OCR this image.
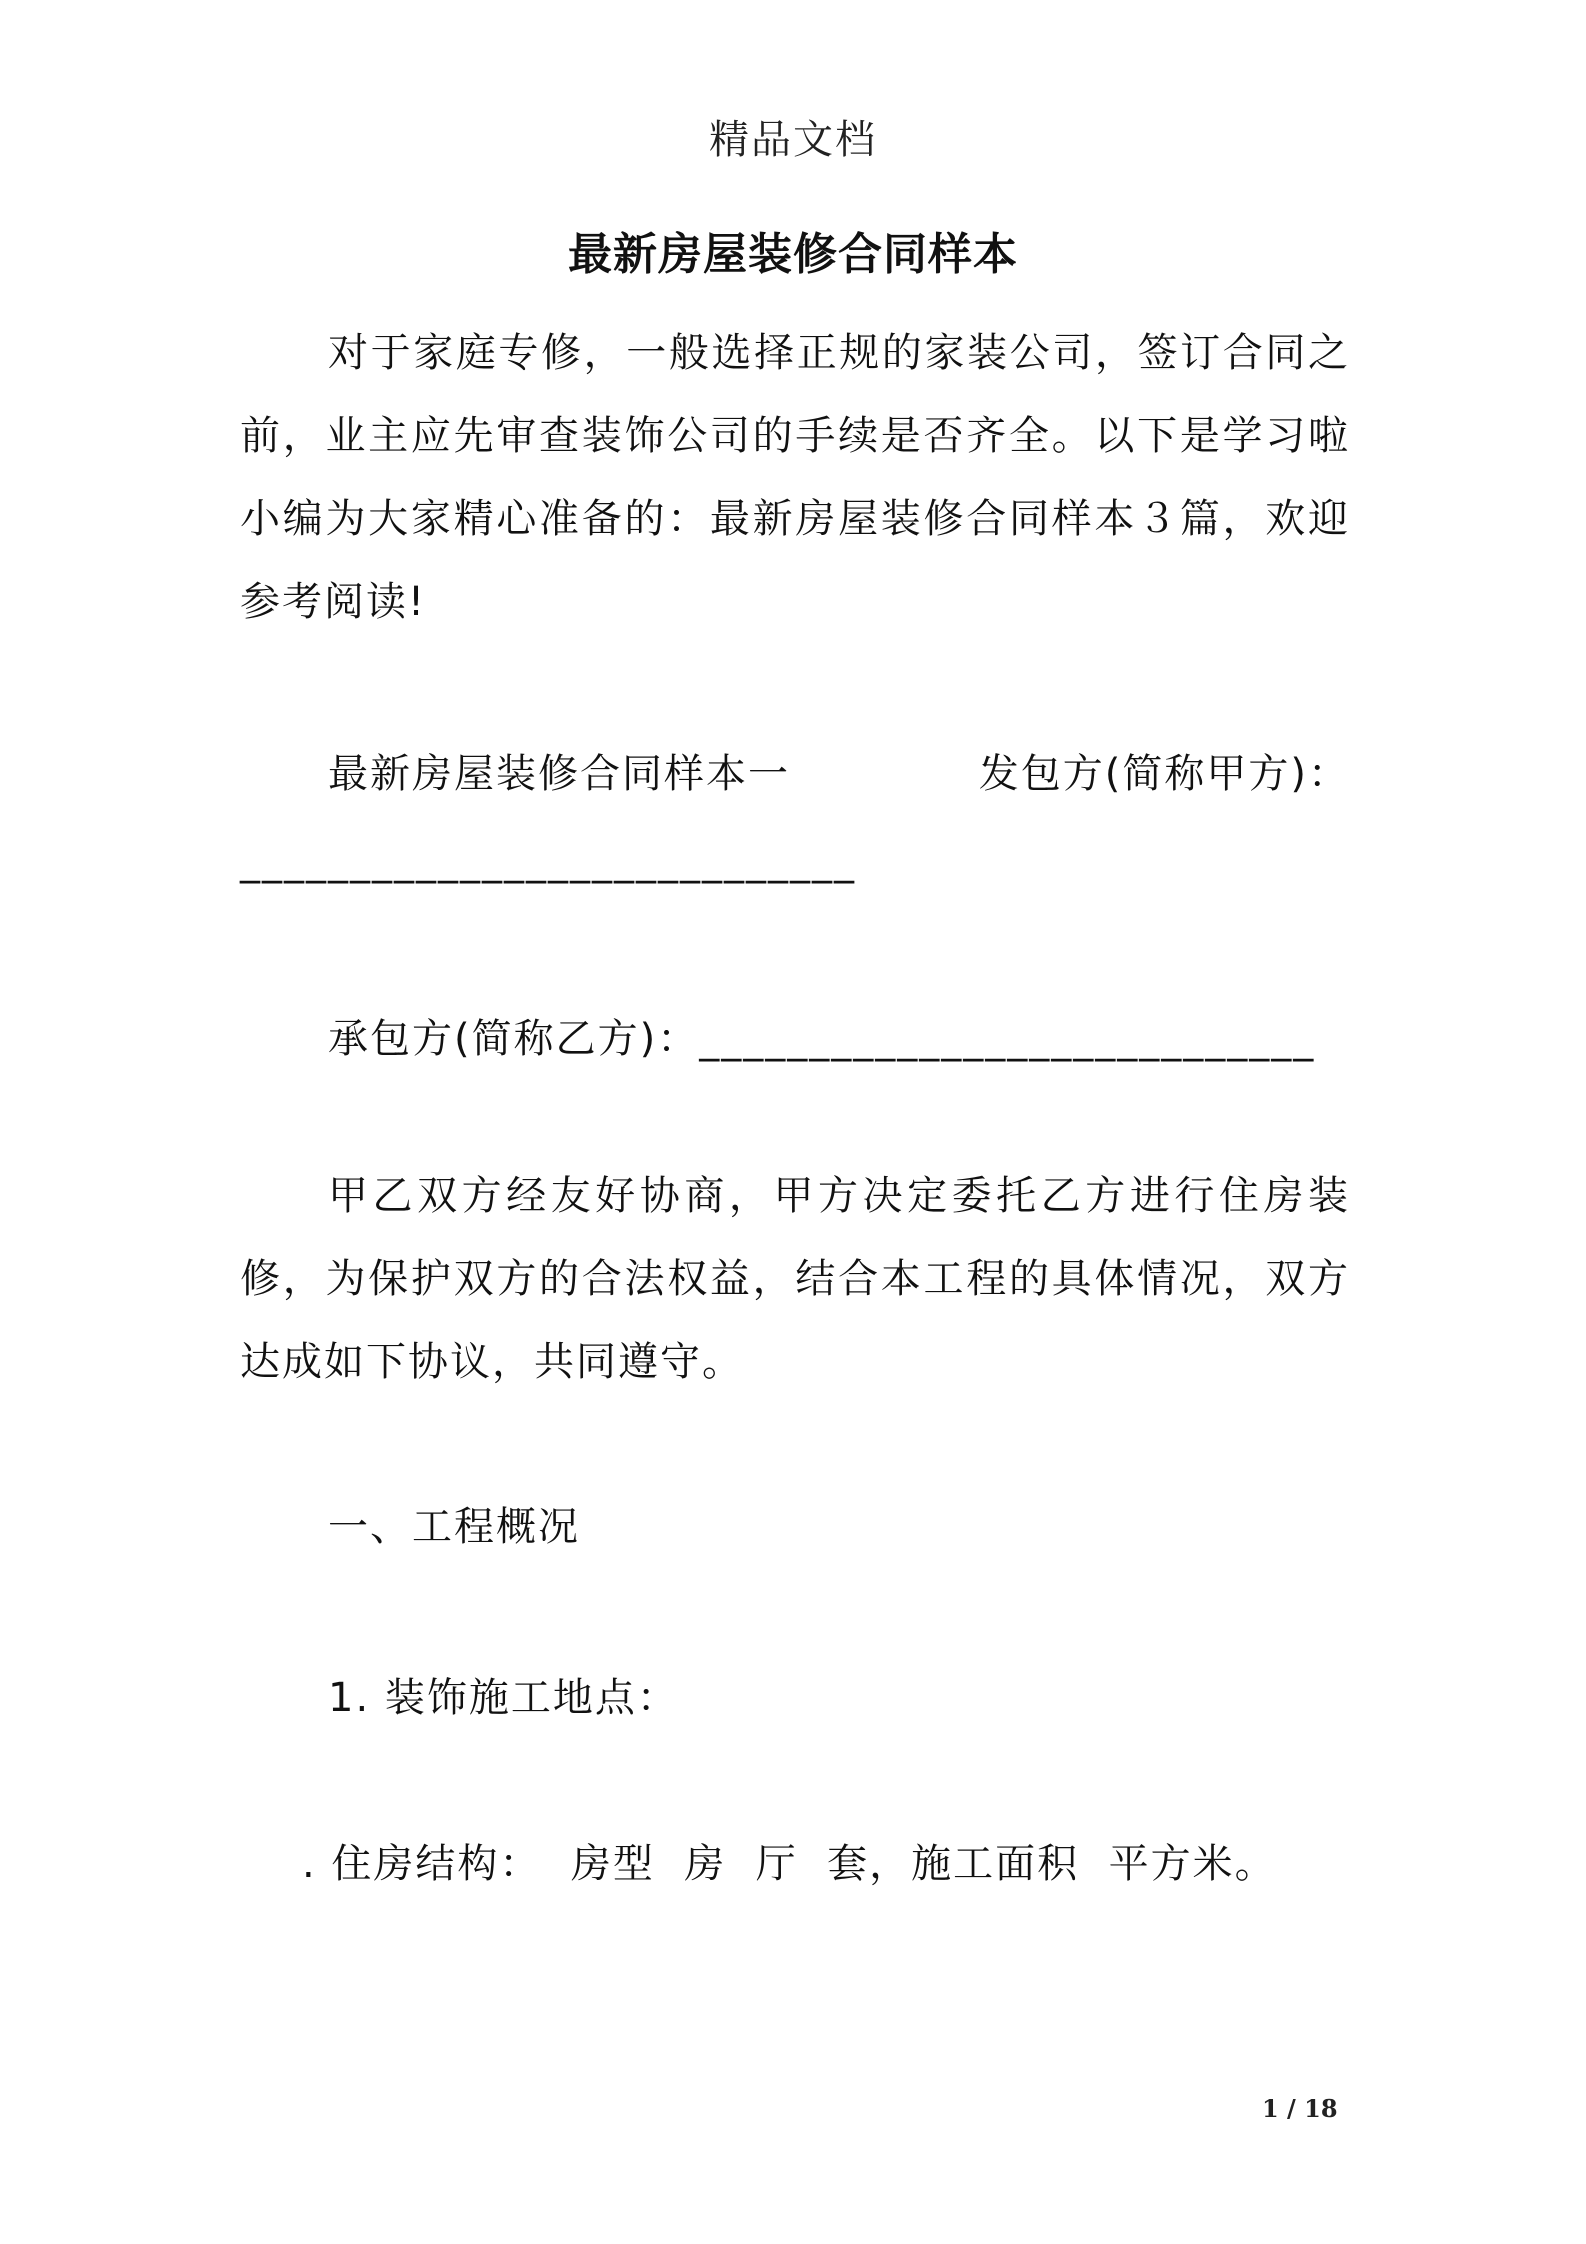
精品文档
最新房屋装修合同样本
对于家庭专修，一般选择正规的家装公司，签订合同之前，业主应先审查装饰公司的手续是否齐全。以下是学习啦小编为大家精心准备的：最新房屋装修合同样本３篇，欢迎参考阅读!
最新房屋装修合同样本一	发包方(简称甲方)：
____________________________
承包方(简称乙方)：____________________________
甲乙双方经友好协商，甲方决定委托乙方进行住房装修，为保护双方的合法权益，结合本工程的具体情况，双方达成如下协议，共同遵守。
一、工程概况
1. 装饰施工地点：
. 住房结构：  房型  房  厅  套，施工面积  平方米。
1 / 18
